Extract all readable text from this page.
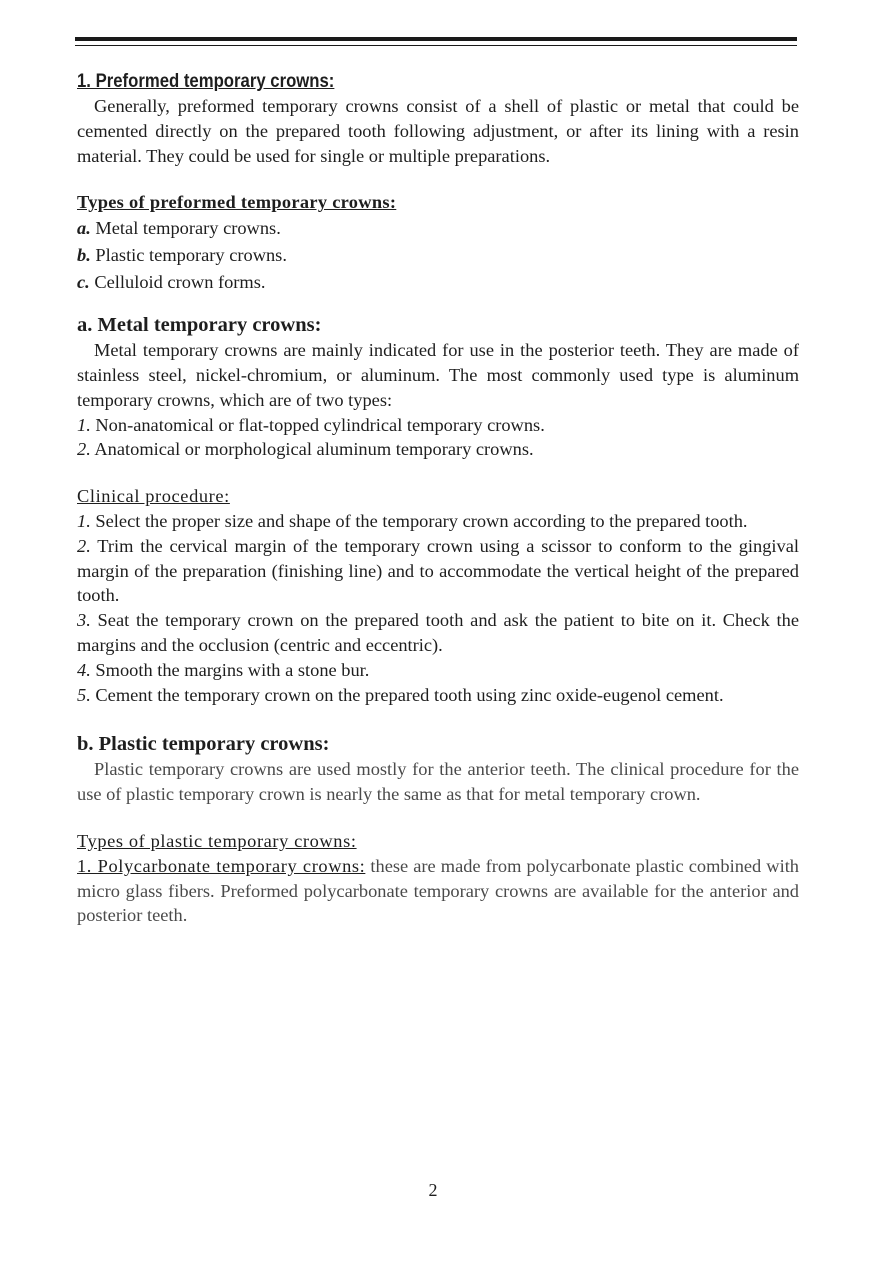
1. Preformed temporary crowns:

Generally, preformed temporary crowns consist of a shell of plastic or metal that could be cemented directly on the prepared tooth following adjustment, or after its lining with a resin material. They could be used for single or multiple preparations.

Types of preformed temporary crowns:

a. Metal temporary crowns.

b. Plastic temporary crowns.

c. Celluloid crown forms.

a. Metal temporary crowns:

Metal temporary crowns are mainly indicated for use in the posterior teeth. They are made of stainless steel, nickel-chromium, or aluminum. The most commonly used type is aluminum temporary crowns, which are of two types:

1. Non-anatomical or flat-topped cylindrical temporary crowns.

2. Anatomical or morphological aluminum temporary crowns.

Clinical procedure:

1. Select the proper size and shape of the temporary crown according to the prepared tooth.

2. Trim the cervical margin of the temporary crown using a scissor to conform to the gingival margin of the preparation (finishing line) and to accommodate the vertical height of the prepared tooth.

3. Seat the temporary crown on the prepared tooth and ask the patient to bite on it. Check the margins and the occlusion (centric and eccentric).

4. Smooth the margins with a stone bur.

5. Cement the temporary crown on the prepared tooth using zinc oxide-eugenol cement.

b. Plastic temporary crowns:

Plastic temporary crowns are used mostly for the anterior teeth. The clinical procedure for the use of plastic temporary crown is nearly the same as that for metal temporary crown.

Types of plastic temporary crowns:

1. Polycarbonate temporary crowns: these are made from polycarbonate plastic combined with micro glass fibers. Preformed polycarbonate temporary crowns are available for the anterior and posterior teeth.

2
